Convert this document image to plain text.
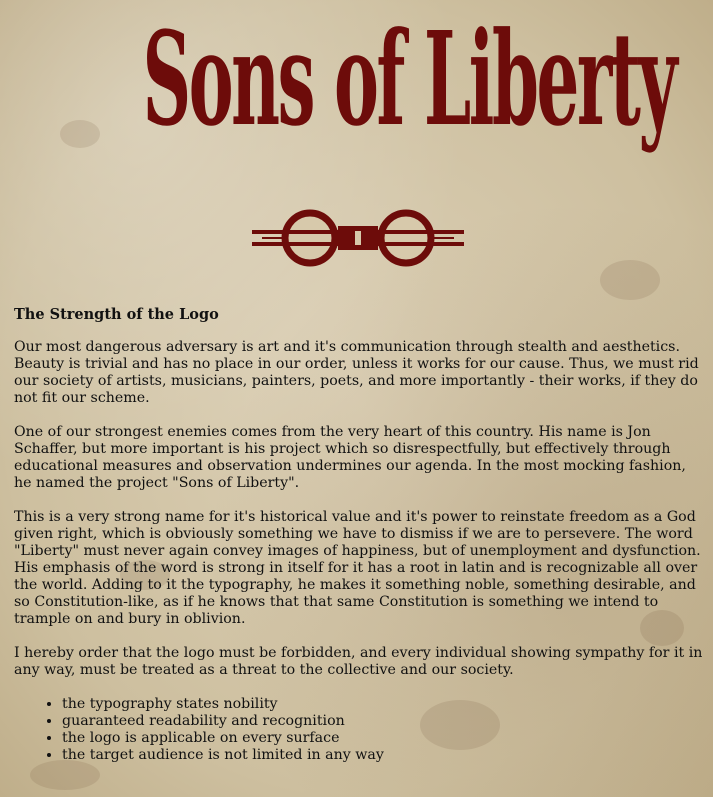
Sons of Liberty
The Strength of the Logo

Our most dangerous adversary is art and it's communication through stealth and aesthetics. Beauty is trivial and has no place in our order, unless it works for our cause. Thus, we must rid our society of artists, musicians, painters, poets, and more importantly - their works, if they do not fit our scheme.

One of our strongest enemies comes from the very heart of this country. His name is Jon Schaffer, but more important is his project which so disrespectfully, but effectively through educational measures and observation undermines our agenda. In the most mocking fashion, he named the project "Sons of Liberty".

This is a very strong name for it's historical value and it's power to reinstate freedom as a God given right, which is obviously something we have to dismiss if we are to persevere. The word "Liberty" must never again convey images of happiness, but of unemployment and dysfunction. His emphasis of the word is strong in itself for it has a root in latin and is recognizable all over the world. Adding to it the typography, he makes it something noble, something desirable, and so Constitution-like, as if he knows that that same Constitution is something we intend to trample on and bury in oblivion.

I hereby order that the logo must be forbidden, and every individual showing sympathy for it in any way, must be treated as a threat to the collective and our society.

• the typography states nobility
• guaranteed readability and recognition
• the logo is applicable on every surface
• the target audience is not limited in any way
